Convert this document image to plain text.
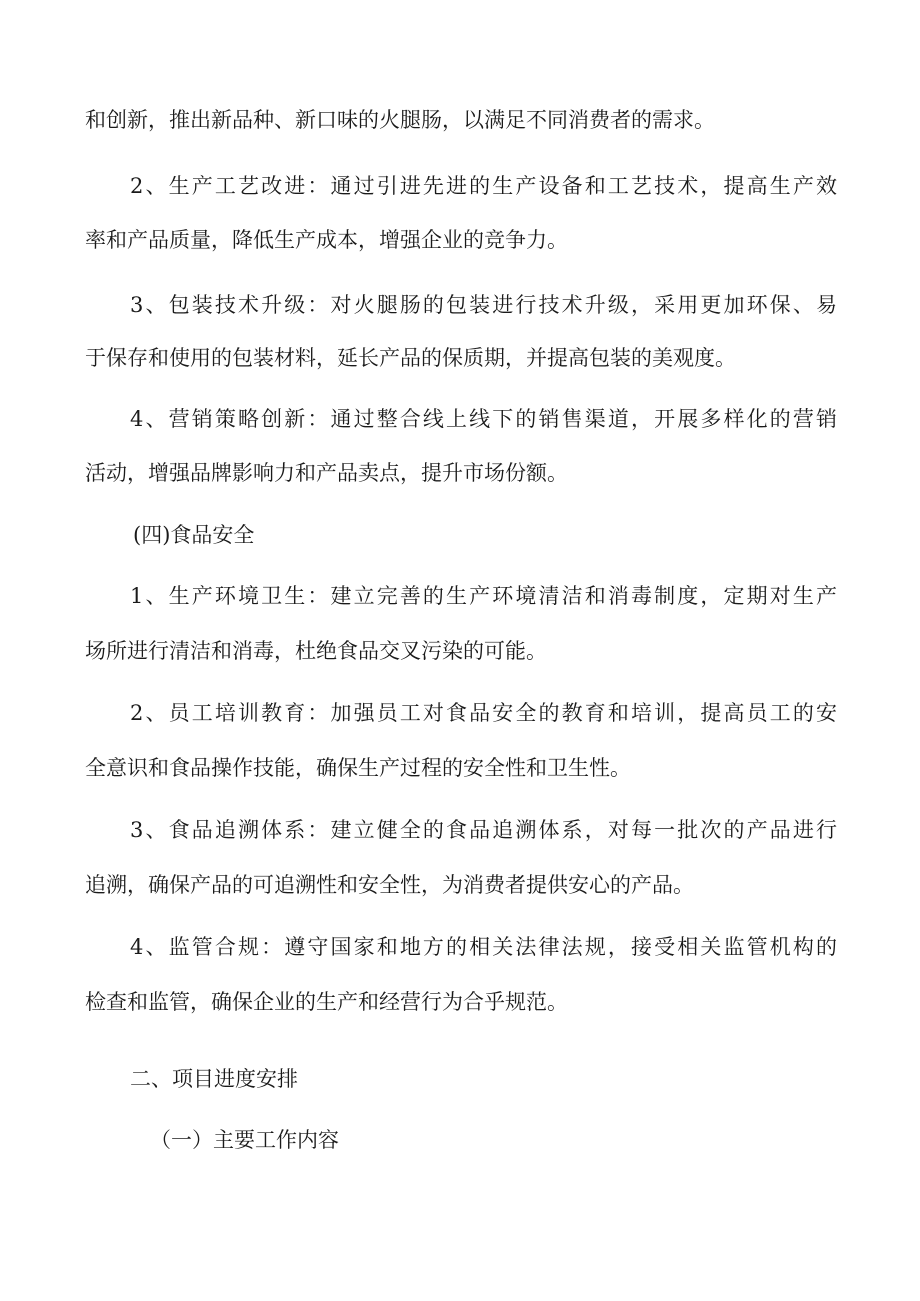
和创新，推出新品种、新口味的火腿肠，以满足不同消费者的需求。
2、生产工艺改进：通过引进先进的生产设备和工艺技术，提高生产效
率和产品质量，降低生产成本，增强企业的竞争力。
3、包装技术升级：对火腿肠的包装进行技术升级，采用更加环保、易
于保存和使用的包装材料，延长产品的保质期，并提高包装的美观度。
4、营销策略创新：通过整合线上线下的销售渠道，开展多样化的营销
活动，增强品牌影响力和产品卖点，提升市场份额。
(四)食品安全
1、生产环境卫生：建立完善的生产环境清洁和消毒制度，定期对生产
场所进行清洁和消毒，杜绝食品交叉污染的可能。
2、员工培训教育：加强员工对食品安全的教育和培训，提高员工的安
全意识和食品操作技能，确保生产过程的安全性和卫生性。
3、食品追溯体系：建立健全的食品追溯体系，对每一批次的产品进行
追溯，确保产品的可追溯性和安全性，为消费者提供安心的产品。
4、监管合规：遵守国家和地方的相关法律法规，接受相关监管机构的
检查和监管，确保企业的生产和经营行为合乎规范。
二、项目进度安排
（一）主要工作内容
